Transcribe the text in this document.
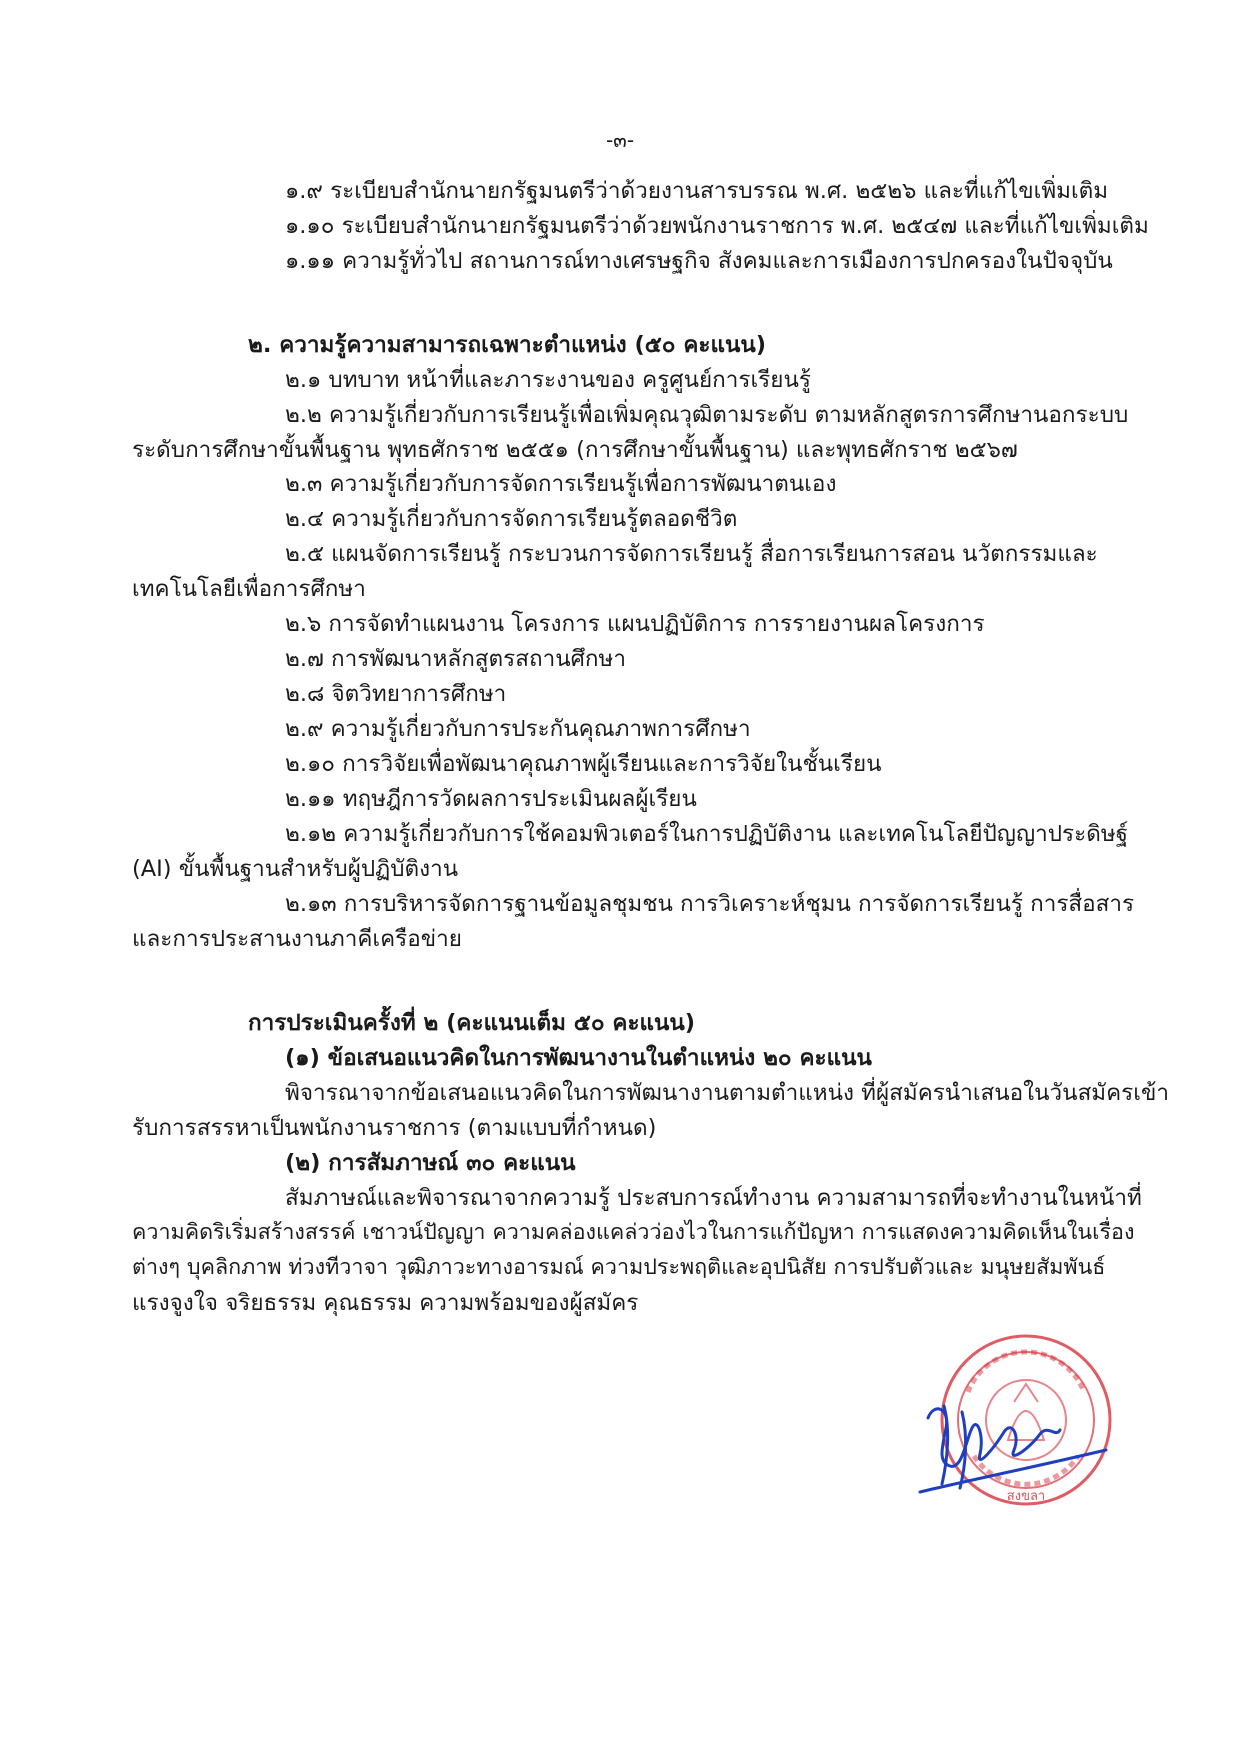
-๓-
๑.๙ ระเบียบสำนักนายกรัฐมนตรีว่าด้วยงานสารบรรณ พ.ศ. ๒๕๒๖ และที่แก้ไขเพิ่มเติม
๑.๑๐ ระเบียบสำนักนายกรัฐมนตรีว่าด้วยพนักงานราชการ พ.ศ. ๒๕๔๗ และที่แก้ไขเพิ่มเติม
๑.๑๑ ความรู้ทั่วไป สถานการณ์ทางเศรษฐกิจ สังคมและการเมืองการปกครองในปัจจุบัน
๒. ความรู้ความสามารถเฉพาะตำแหน่ง (๕๐ คะแนน)
๒.๑ บทบาท หน้าที่และภาระงานของ ครูศูนย์การเรียนรู้
๒.๒ ความรู้เกี่ยวกับการเรียนรู้เพื่อเพิ่มคุณวุฒิตามระดับ ตามหลักสูตรการศึกษานอกระบบ
ระดับการศึกษาขั้นพื้นฐาน พุทธศักราช ๒๕๕๑ (การศึกษาขั้นพื้นฐาน) และพุทธศักราช ๒๕๖๗
๒.๓ ความรู้เกี่ยวกับการจัดการเรียนรู้เพื่อการพัฒนาตนเอง
๒.๔ ความรู้เกี่ยวกับการจัดการเรียนรู้ตลอดชีวิต
๒.๕ แผนจัดการเรียนรู้ กระบวนการจัดการเรียนรู้ สื่อการเรียนการสอน นวัตกรรมและ
เทคโนโลยีเพื่อการศึกษา
๒.๖ การจัดทำแผนงาน โครงการ แผนปฏิบัติการ การรายงานผลโครงการ
๒.๗ การพัฒนาหลักสูตรสถานศึกษา
๒.๘ จิตวิทยาการศึกษา
๒.๙ ความรู้เกี่ยวกับการประกันคุณภาพการศึกษา
๒.๑๐ การวิจัยเพื่อพัฒนาคุณภาพผู้เรียนและการวิจัยในชั้นเรียน
๒.๑๑ ทฤษฎีการวัดผลการประเมินผลผู้เรียน
๒.๑๒ ความรู้เกี่ยวกับการใช้คอมพิวเตอร์ในการปฏิบัติงาน และเทคโนโลยีปัญญาประดิษฐ์
(AI) ขั้นพื้นฐานสำหรับผู้ปฏิบัติงาน
๒.๑๓ การบริหารจัดการฐานข้อมูลชุมชน การวิเคราะห์ชุมน การจัดการเรียนรู้ การสื่อสาร
และการประสานงานภาคีเครือข่าย
การประเมินครั้งที่ ๒ (คะแนนเต็ม ๕๐ คะแนน)
(๑) ข้อเสนอแนวคิดในการพัฒนางานในตำแหน่ง ๒๐ คะแนน
พิจารณาจากข้อเสนอแนวคิดในการพัฒนางานตามตำแหน่ง ที่ผู้สมัครนำเสนอในวันสมัครเข้า
รับการสรรหาเป็นพนักงานราชการ (ตามแบบที่กำหนด)
(๒) การสัมภาษณ์ ๓๐ คะแนน
สัมภาษณ์และพิจารณาจากความรู้ ประสบการณ์ทำงาน ความสามารถที่จะทำงานในหน้าที่
ความคิดริเริ่มสร้างสรรค์ เชาวน์ปัญญา ความคล่องแคล่วว่องไวในการแก้ปัญหา การแสดงความคิดเห็นในเรื่อง
ต่างๆ บุคลิกภาพ ท่วงทีวาจา วุฒิภาวะทางอารมณ์ ความประพฤติและอุปนิสัย การปรับตัวและ มนุษยสัมพันธ์
แรงจูงใจ จริยธรรม คุณธรรม ความพร้อมของผู้สมัคร
สงขลา
